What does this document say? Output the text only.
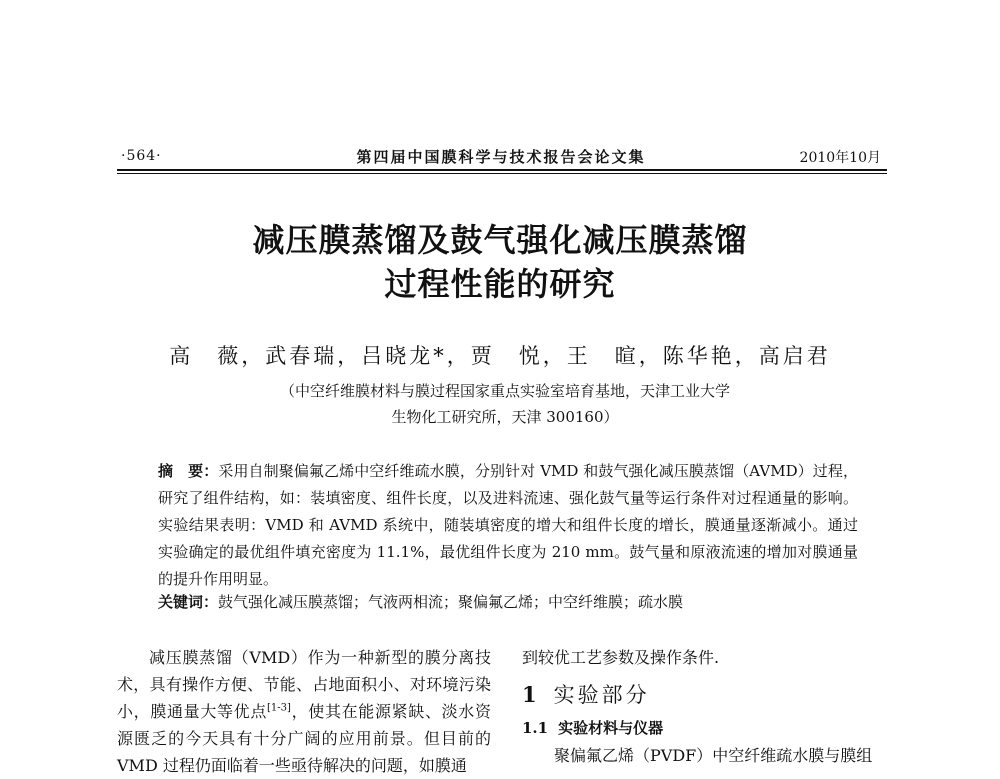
·564·	第四届中国膜科学与技术报告会论文集	2010年10月
减压膜蒸馏及鼓气强化减压膜蒸馏
过程性能的研究
高　薇，武春瑞，吕晓龙*，贾　悦，王　暄，陈华艳，高启君
（中空纤维膜材料与膜过程国家重点实验室培育基地，天津工业大学
生物化工研究所，天津 300160）

摘　要：采用自制聚偏氟乙烯中空纤维疏水膜，分别针对 VMD 和鼓气强化减压膜蒸馏（AVMD）过程，研究了组件结构，如：装填密度、组件长度，以及进料流速、强化鼓气量等运行条件对过程通量的影响。实验结果表明：VMD 和 AVMD 系统中，随装填密度的增大和组件长度的增长，膜通量逐渐减小。通过实验确定的最优组件填充密度为 11.1%，最优组件长度为 210 mm。鼓气量和原液流速的增加对膜通量的提升作用明显。

关键词：鼓气强化减压膜蒸馏；气液两相流；聚偏氟乙烯；中空纤维膜；疏水膜

减压膜蒸馏（VMD）作为一种新型的膜分离技术，具有操作方便、节能、占地面积小、对环境污染小，膜通量大等优点[1-3]，使其在能源紧缺、淡水资源匮乏的今天具有十分广阔的应用前景。但目前的 VMD 过程仍面临着一些亟待解决的问题，如膜通

到较优工艺参数及操作条件.

1 实验部分

1.1 实验材料与仪器

聚偏氟乙烯（PVDF）中空纤维疏水膜与膜组
